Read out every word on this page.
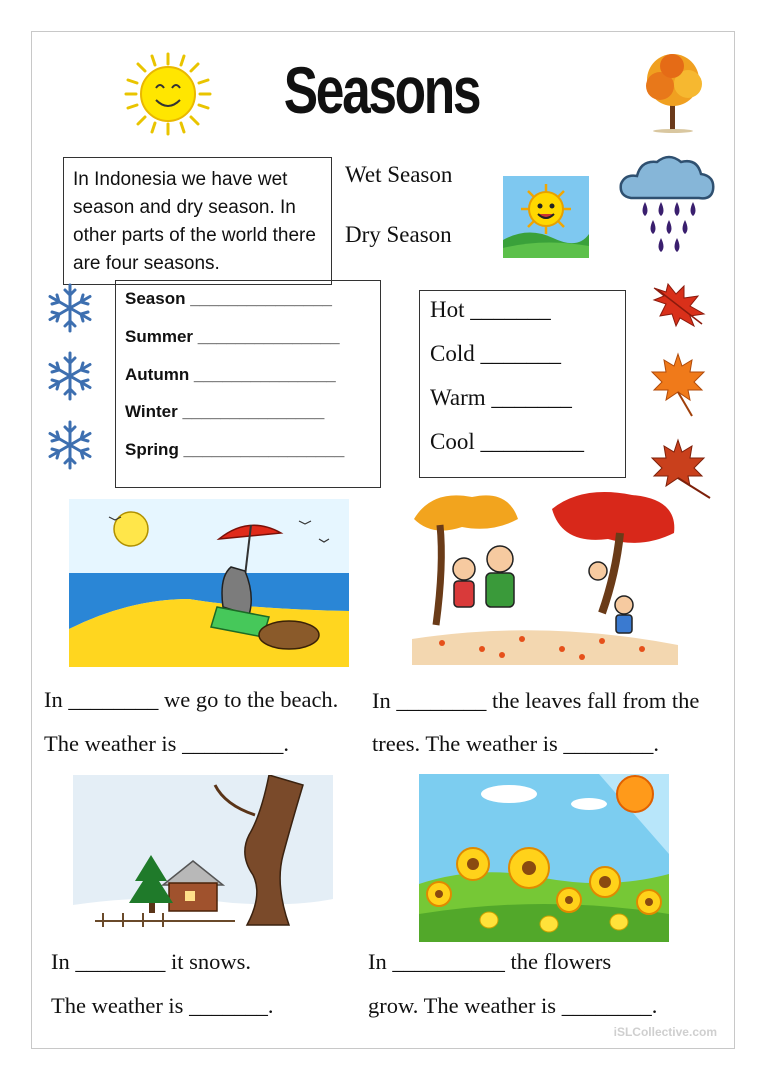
Seasons
In Indonesia we have wet season and dry season. In other parts of the world there are four seasons.
Wet Season
Dry Season
Season _______________
Summer _______________
Autumn _______________
Winter _______________
Spring _________________
Hot _______
Cold _______
Warm _______
Cool _________
In ________ we go to the beach.
The weather is _________.
In ________ the leaves fall from the
trees. The weather is ________.
In ________ it snows.
The weather is _______.
In __________ the flowers
grow. The weather is ________.
iSLCollective.com
